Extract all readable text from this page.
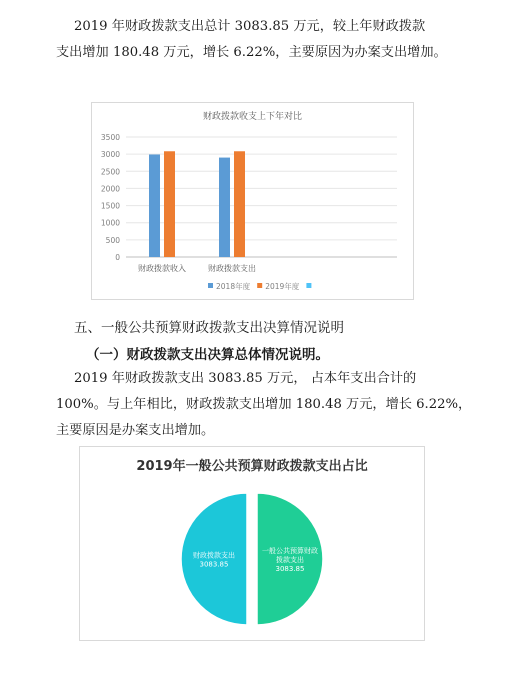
2019 年财政拨款支出总计 3083.85 万元，较上年财政拨款

支出增加 180.48 万元，增长 6.22%，主要原因为办案支出增加。

财政拨款收支上下年对比
0
500
1000
1500
2000
2500
3000
3500
财政拨款收入	财政拨款支出
2018年度 2019年度

五、一般公共预算财政拨款支出决算情况说明

（一）财政拨款支出决算总体情况说明。

2019 年财政拨款支出 3083.85 万元， 占本年支出合计的

100%。与上年相比，财政拨款支出增加 180.48 万元，增长 6.22%，

主要原因是办案支出增加。

2019年一般公共预算财政拨款支出占比
一般公共预算财政
拨款支出
3083.85
财政拨款支出
3083.85
